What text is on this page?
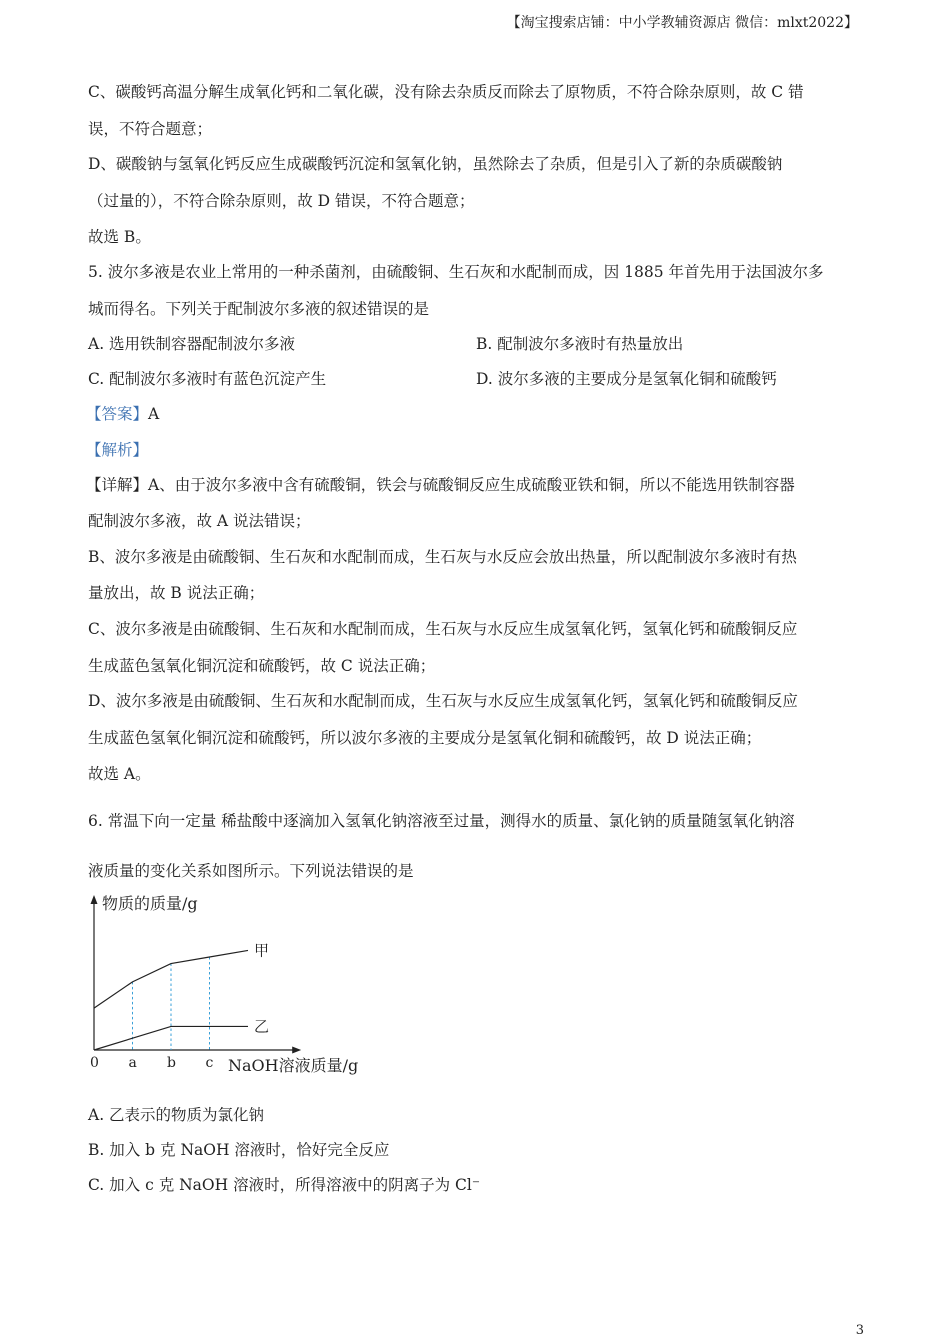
【淘宝搜索店铺：中小学教辅资源店 微信：mlxt2022】
C、碳酸钙高温分解生成氧化钙和二氧化碳，没有除去杂质反而除去了原物质，不符合除杂原则，故 C 错
误，不符合题意；
D、碳酸钠与氢氧化钙反应生成碳酸钙沉淀和氢氧化钠，虽然除去了杂质，但是引入了新的杂质碳酸钠
（过量的），不符合除杂原则，故 D 错误，不符合题意；
故选 B。
5. 波尔多液是农业上常用的一种杀菌剂，由硫酸铜、生石灰和水配制而成，因 1885 年首先用于法国波尔多
城而得名。下列关于配制波尔多液的叙述错误的是
A. 选用铁制容器配制波尔多液	B. 配制波尔多液时有热量放出
C. 配制波尔多液时有蓝色沉淀产生	D. 波尔多液的主要成分是氢氧化铜和硫酸钙
【答案】A
【解析】
【详解】A、由于波尔多液中含有硫酸铜，铁会与硫酸铜反应生成硫酸亚铁和铜，所以不能选用铁制容器
配制波尔多液，故 A 说法错误；
B、波尔多液是由硫酸铜、生石灰和水配制而成，生石灰与水反应会放出热量，所以配制波尔多液时有热
量放出，故 B 说法正确；
C、波尔多液是由硫酸铜、生石灰和水配制而成，生石灰与水反应生成氢氧化钙，氢氧化钙和硫酸铜反应
生成蓝色氢氧化铜沉淀和硫酸钙，故 C 说法正确；
D、波尔多液是由硫酸铜、生石灰和水配制而成，生石灰与水反应生成氢氧化钙，氢氧化钙和硫酸铜反应
生成蓝色氢氧化铜沉淀和硫酸钙，所以波尔多液的主要成分是氢氧化铜和硫酸钙，故 D 说法正确；
故选 A。
6. 常温下向一定量 稀盐酸中逐滴加入氢氧化钠溶液至过量，测得水的质量、氯化钠的质量随氢氧化钠溶
液质量的变化关系如图所示。下列说法错误的是
甲
乙
物质的质量/g
NaOH溶液质量/g
0 a b c
A. 乙表示的物质为氯化钠
B. 加入 b 克 NaOH 溶液时，恰好完全反应
C. 加入 c 克 NaOH 溶液时，所得溶液中的阴离子为 Cl⁻
3
